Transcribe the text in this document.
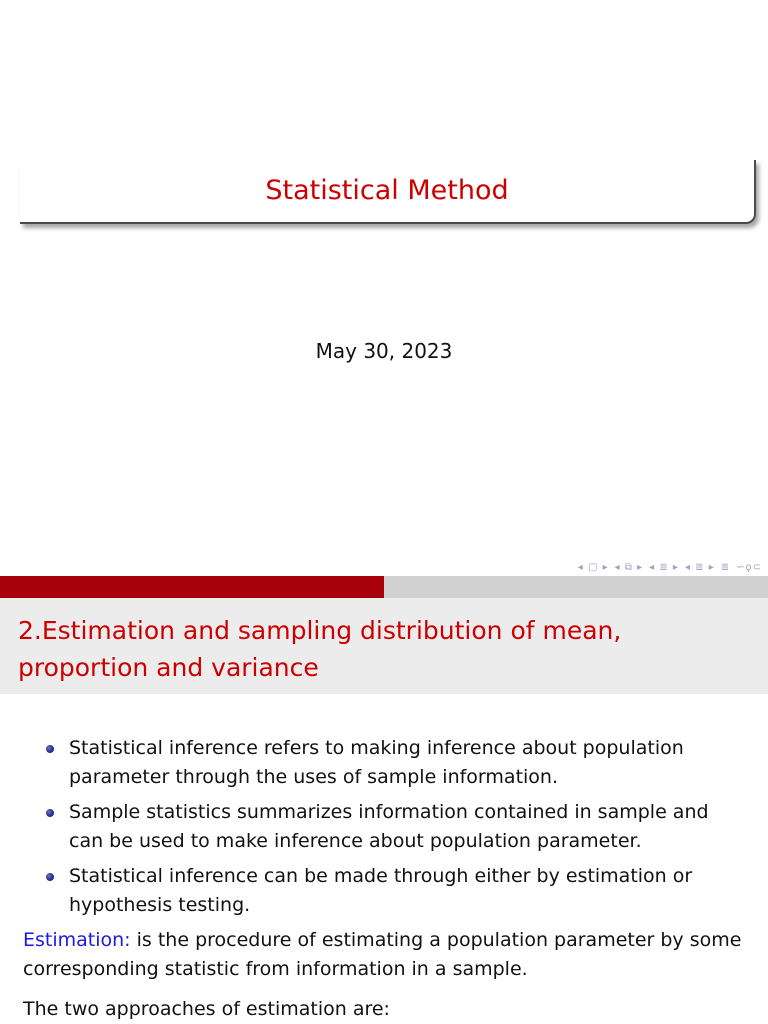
Statistical Method
May 30, 2023
◂ ▢ ▸ ◂ ⧉ ▸ ◂ ≣ ▸ ◂ ≣ ▸ ≣ ∽ϙ⊂
2.Estimation and sampling distribution of mean, proportion and variance
Statistical inference refers to making inference about population parameter through the uses of sample information.
Sample statistics summarizes information contained in sample and can be used to make inference about population parameter.
Statistical inference can be made through either by estimation or hypothesis testing.
Estimation: is the procedure of estimating a population parameter by some corresponding statistic from information in a sample.
The two approaches of estimation are:
